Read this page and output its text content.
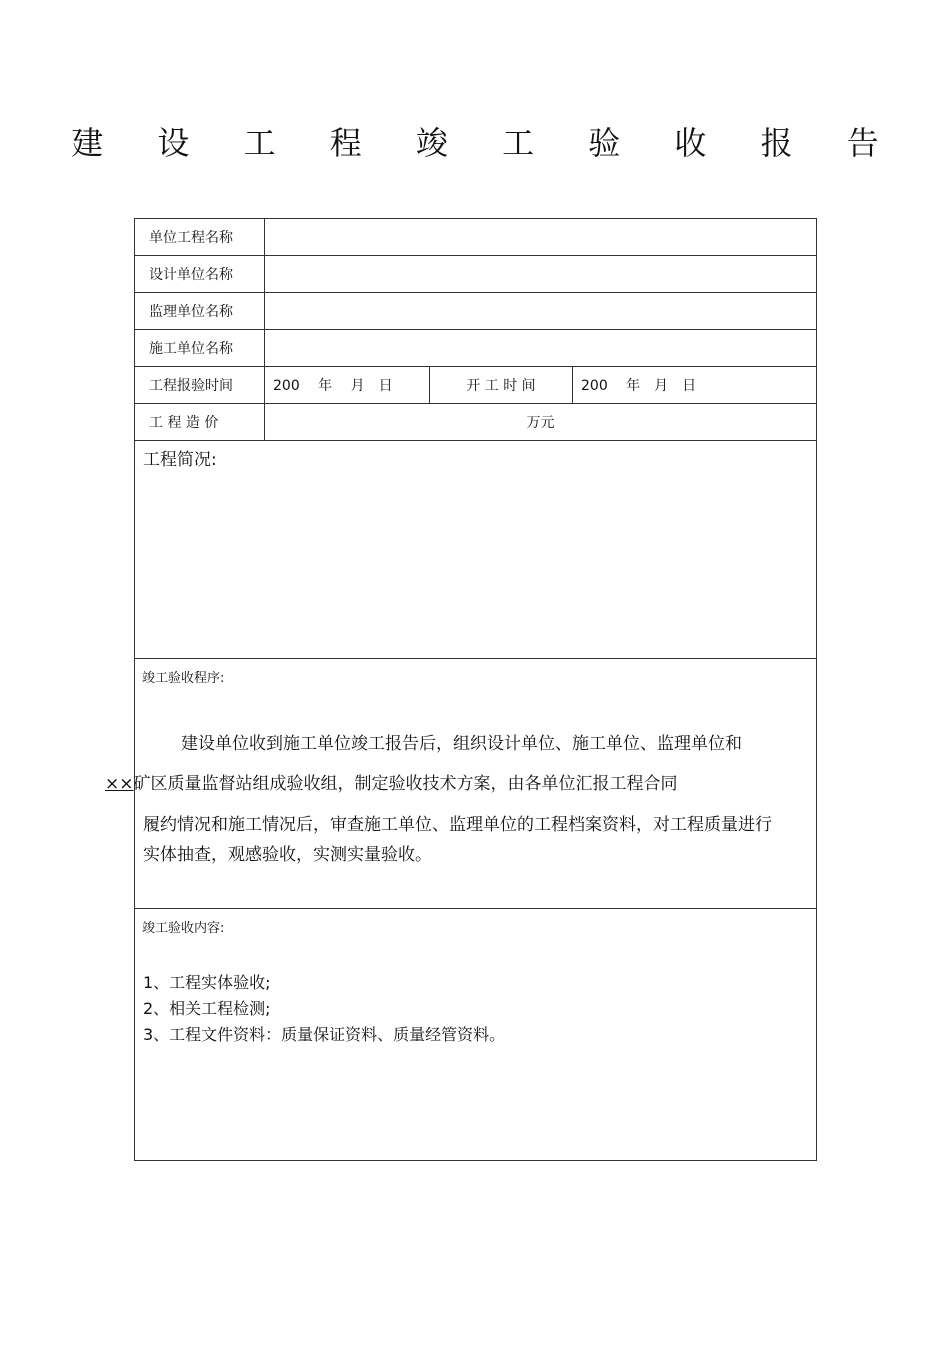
建 设 工 程 竣 工 验 收 报 告
单位工程名称			
设计单位名称			
监理单位名称			
施工单位名称			
工程报验时间	200　 年　 月　日	开 工 时 间	200　 年　月　日
工 程 造 价	万元		

工程简况:			

竣工验收程序:
建设单位收到施工单位竣工报告后，组织设计单位、施工单位、监理单位和
××矿区质量监督站组成验收组，制定验收技术方案，由各单位汇报工程合同
履约情况和施工情况后，审查施工单位、监理单位的工程档案资料，对工程质量进行实体抽查，观感验收，实测实量验收。			

竣工验收内容:
1、工程实体验收;
2、相关工程检测;
3、工程文件资料：质量保证资料、质量经管资料。			
